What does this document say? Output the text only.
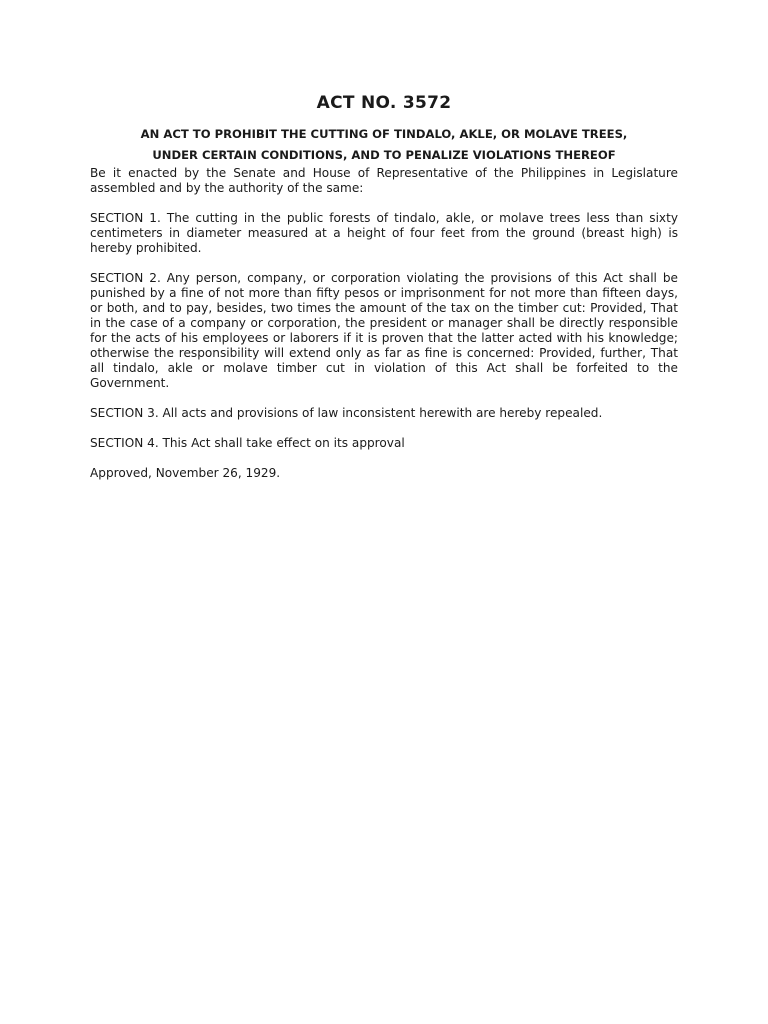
ACT NO. 3572

AN ACT TO PROHIBIT THE CUTTING OF TINDALO, AKLE, OR MOLAVE TREES,

UNDER CERTAIN CONDITIONS, AND TO PENALIZE VIOLATIONS THEREOF

Be it enacted by the Senate and House of Representative of the Philippines in Legislature assembled and by the authority of the same:

SECTION 1. The cutting in the public forests of tindalo, akle, or molave trees less than sixty centimeters in diameter measured at a height of four feet from the ground (breast high) is hereby prohibited.

SECTION 2. Any person, company, or corporation violating the provisions of this Act shall be punished by a fine of not more than fifty pesos or imprisonment for not more than fifteen days, or both, and to pay, besides, two times the amount of the tax on the timber cut: Provided, That in the case of a company or corporation, the president or manager shall be directly responsible for the acts of his employees or laborers if it is proven that the latter acted with his knowledge; otherwise the responsibility will extend only as far as fine is concerned: Provided, further, That all tindalo, akle or molave timber cut in violation of this Act shall be forfeited to the Government.

SECTION 3. All acts and provisions of law inconsistent herewith are hereby repealed.

SECTION 4. This Act shall take effect on its approval

Approved, November 26, 1929.
